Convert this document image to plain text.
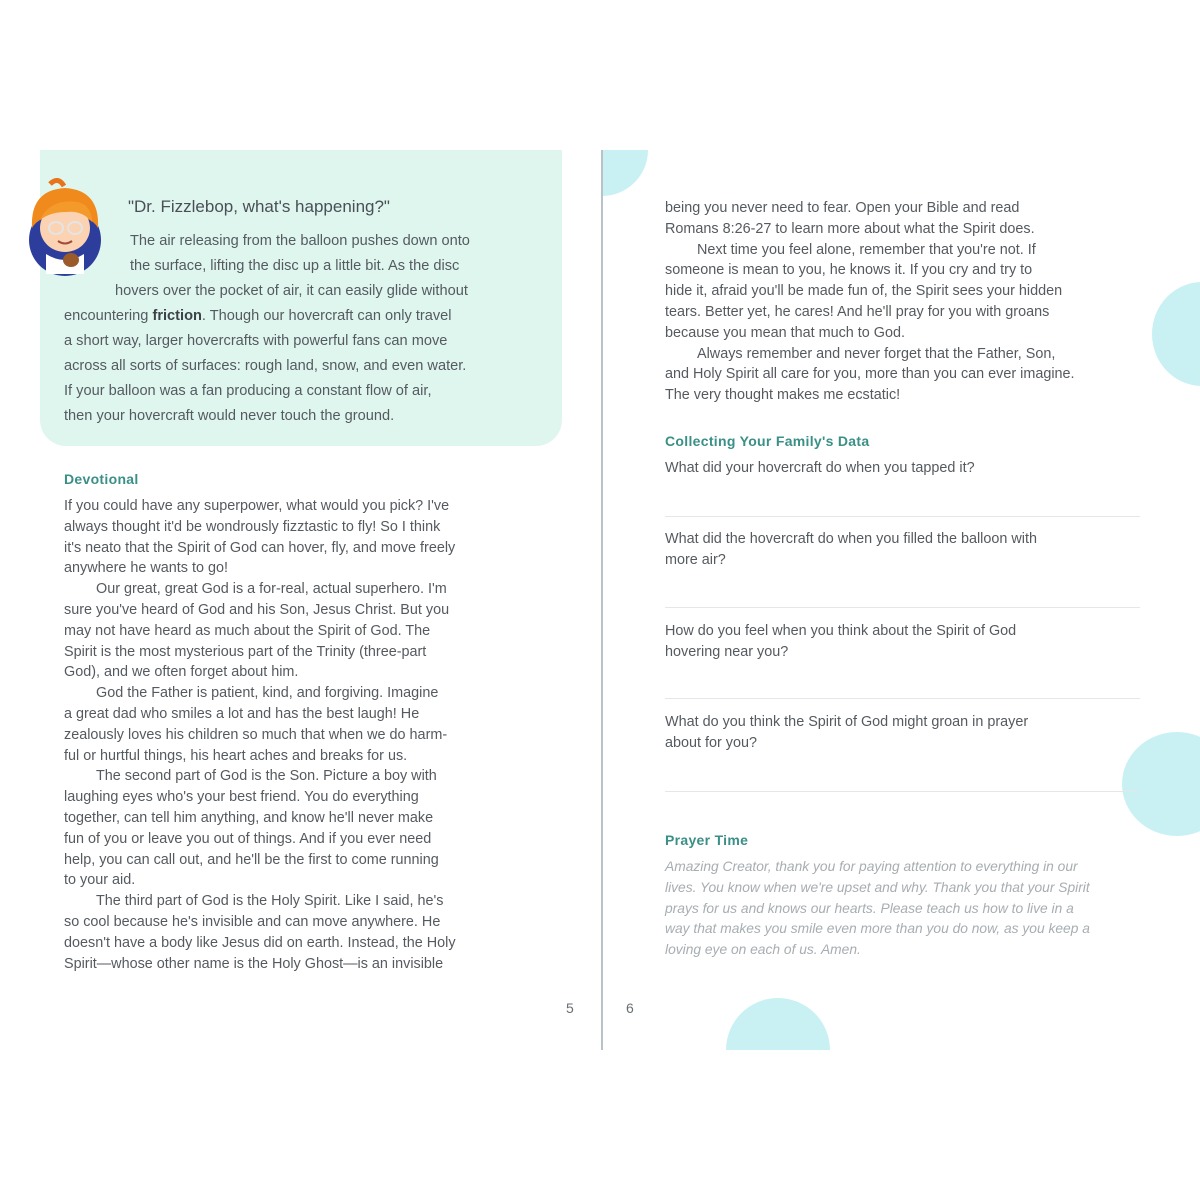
"Dr. Fizzlebop, what's happening?"
The air releasing from the balloon pushes down onto
the surface, lifting the disc up a little bit. As the disc
hovers over the pocket of air, it can easily glide without
encountering friction. Though our hovercraft can only travel
a short way, larger hovercrafts with powerful fans can move
across all sorts of surfaces: rough land, snow, and even water.
If your balloon was a fan producing a constant flow of air,
then your hovercraft would never touch the ground.
Devotional
If you could have any superpower, what would you pick? I've
always thought it'd be wondrously fizztastic to fly! So I think
it's neato that the Spirit of God can hover, fly, and move freely
anywhere he wants to go!
Our great, great God is a for-real, actual superhero. I'm
sure you've heard of God and his Son, Jesus Christ. But you
may not have heard as much about the Spirit of God. The
Spirit is the most mysterious part of the Trinity (three-part
God), and we often forget about him.
God the Father is patient, kind, and forgiving. Imagine
a great dad who smiles a lot and has the best laugh! He
zealously loves his children so much that when we do harm-
ful or hurtful things, his heart aches and breaks for us.
The second part of God is the Son. Picture a boy with
laughing eyes who's your best friend. You do everything
together, can tell him anything, and know he'll never make
fun of you or leave you out of things. And if you ever need
help, you can call out, and he'll be the first to come running
to your aid.
The third part of God is the Holy Spirit. Like I said, he's
so cool because he's invisible and can move anywhere. He
doesn't have a body like Jesus did on earth. Instead, the Holy
Spirit—whose other name is the Holy Ghost—is an invisible
5
being you never need to fear. Open your Bible and read
Romans 8:26-27 to learn more about what the Spirit does.
Next time you feel alone, remember that you're not. If
someone is mean to you, he knows it. If you cry and try to
hide it, afraid you'll be made fun of, the Spirit sees your hidden
tears. Better yet, he cares! And he'll pray for you with groans
because you mean that much to God.
Always remember and never forget that the Father, Son,
and Holy Spirit all care for you, more than you can ever imagine.
The very thought makes me ecstatic!
Collecting Your Family's Data
What did your hovercraft do when you tapped it?
What did the hovercraft do when you filled the balloon with
more air?
How do you feel when you think about the Spirit of God
hovering near you?
What do you think the Spirit of God might groan in prayer
about for you?
Prayer Time
Amazing Creator, thank you for paying attention to everything in our
lives. You know when we're upset and why. Thank you that your Spirit
prays for us and knows our hearts. Please teach us how to live in a
way that makes you smile even more than you do now, as you keep a
loving eye on each of us. Amen.
6
